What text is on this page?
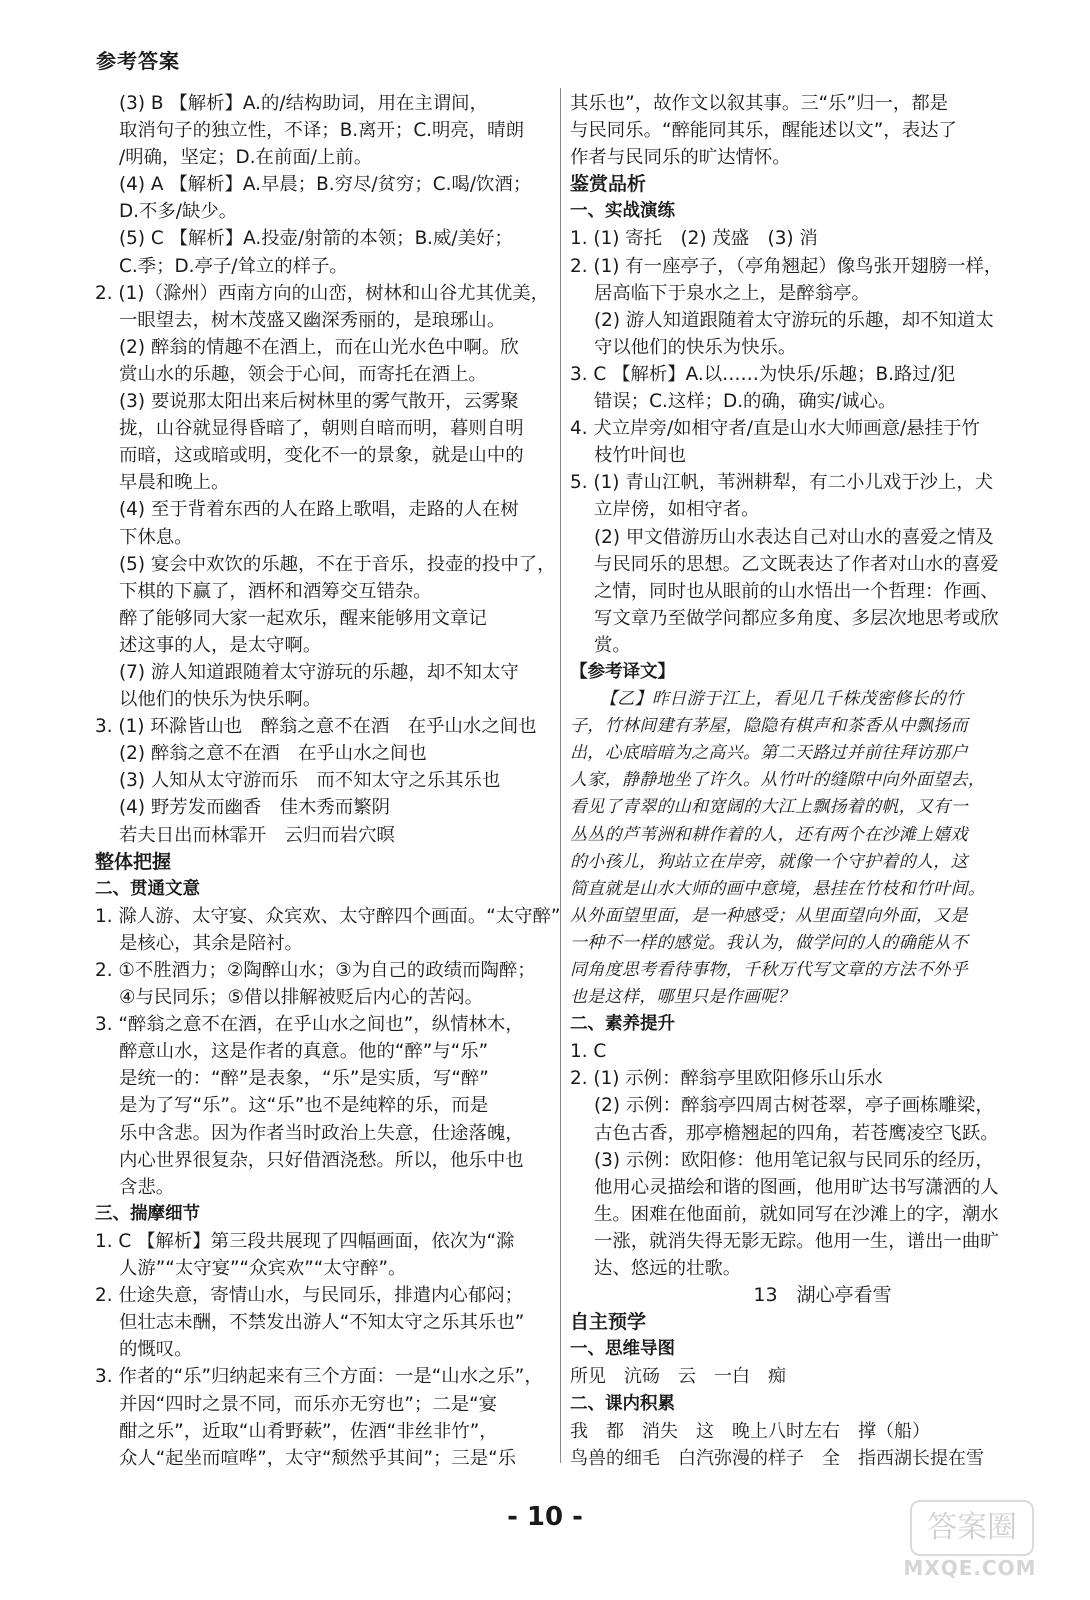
参考答案
(3) B 【解析】A.的/结构助词，用在主谓间，
取消句子的独立性，不译；B.离开；C.明亮，晴朗
/明确，坚定；D.在前面/上前。
(4) A 【解析】A.早晨；B.穷尽/贫穷；C.喝/饮酒；
D.不多/缺少。
(5) C 【解析】A.投壶/射箭的本领；B.威/美好；
C.季；D.亭子/耸立的样子。
2. (1)（滁州）西南方向的山峦，树林和山谷尤其优美，
一眼望去，树木茂盛又幽深秀丽的，是琅琊山。
(2) 醉翁的情趣不在酒上，而在山光水色中啊。欣
赏山水的乐趣，领会于心间，而寄托在酒上。
(3) 要说那太阳出来后树林里的雾气散开，云雾聚
拢，山谷就显得昏暗了，朝则自暗而明，暮则自明
而暗，这或暗或明，变化不一的景象，就是山中的
早晨和晚上。
(4) 至于背着东西的人在路上歌唱，走路的人在树
下休息。
(5) 宴会中欢饮的乐趣，不在于音乐，投壶的投中了，
下棋的下赢了，酒杯和酒筹交互错杂。
醉了能够同大家一起欢乐，醒来能够用文章记
述这事的人，是太守啊。
(7) 游人知道跟随着太守游玩的乐趣，却不知太守
以他们的快乐为快乐啊。
3. (1) 环滁皆山也　醉翁之意不在酒　在乎山水之间也
(2) 醉翁之意不在酒　在乎山水之间也
(3) 人知从太守游而乐　而不知太守之乐其乐也
(4) 野芳发而幽香　佳木秀而繁阴
若夫日出而林霏开　云归而岩穴暝
整体把握
二、贯通文意
1. 滁人游、太守宴、众宾欢、太守醉四个画面。“太守醉”
是核心，其余是陪衬。
2. ①不胜酒力；②陶醉山水；③为自己的政绩而陶醉；
④与民同乐；⑤借以排解被贬后内心的苦闷。
3. “醉翁之意不在酒，在乎山水之间也”，纵情林木，
醉意山水，这是作者的真意。他的“醉”与“乐”
是统一的：“醉”是表象，“乐”是实质，写“醉”
是为了写“乐”。这“乐”也不是纯粹的乐，而是
乐中含悲。因为作者当时政治上失意，仕途落魄，
内心世界很复杂，只好借酒浇愁。所以，他乐中也
含悲。
三、揣摩细节
1. C 【解析】第三段共展现了四幅画面，依次为“滁
人游”“太守宴”“众宾欢”“太守醉”。
2. 仕途失意，寄情山水，与民同乐，排遣内心郁闷；
但壮志未酬，不禁发出游人“不知太守之乐其乐也”
的慨叹。
3. 作者的“乐”归纳起来有三个方面：一是“山水之乐”，
并因“四时之景不同，而乐亦无穷也”；二是“宴
酣之乐”，近取“山肴野蔌”，佐酒“非丝非竹”，
众人“起坐而喧哗”，太守“颓然乎其间”；三是“乐
其乐也”，故作文以叙其事。三“乐”归一，都是
与民同乐。“醉能同其乐，醒能述以文”，表达了
作者与民同乐的旷达情怀。
鉴赏品析
一、实战演练
1. (1) 寄托　(2) 茂盛　(3) 消
2. (1) 有一座亭子，（亭角翘起）像鸟张开翅膀一样，
居高临下于泉水之上，是醉翁亭。
(2) 游人知道跟随着太守游玩的乐趣，却不知道太
守以他们的快乐为快乐。
3. C 【解析】A.以……为快乐/乐趣；B.路过/犯
错误；C.这样；D.的确，确实/诚心。
4. 犬立岸旁/如相守者/直是山水大师画意/悬挂于竹
枝竹叶间也
5. (1) 青山江帆，苇洲耕犁，有二小儿戏于沙上，犬
立岸傍，如相守者。
(2) 甲文借游历山水表达自己对山水的喜爱之情及
与民同乐的思想。乙文既表达了作者对山水的喜爱
之情，同时也从眼前的山水悟出一个哲理：作画、
写文章乃至做学问都应多角度、多层次地思考或欣
赏。
【参考译文】
【乙】昨日游于江上，看见几千株茂密修长的竹
子，竹林间建有茅屋，隐隐有棋声和茶香从中飘扬而
出，心底暗暗为之高兴。第二天路过并前往拜访那户
人家，静静地坐了许久。从竹叶的缝隙中向外面望去，
看见了青翠的山和宽阔的大江上飘扬着的帆，又有一
丛丛的芦苇洲和耕作着的人，还有两个在沙滩上嬉戏
的小孩儿，狗站立在岸旁，就像一个守护着的人，这
简直就是山水大师的画中意境，悬挂在竹枝和竹叶间。
从外面望里面，是一种感受；从里面望向外面，又是
一种不一样的感觉。我认为，做学问的人的确能从不
同角度思考看待事物，千秋万代写文章的方法不外乎
也是这样，哪里只是作画呢？
二、素养提升
1. C
2. (1) 示例：醉翁亭里欧阳修乐山乐水
(2) 示例：醉翁亭四周古树苍翠，亭子画栋雕梁，
古色古香，那亭檐翘起的四角，若苍鹰凌空飞跃。
(3) 示例：欧阳修：他用笔记叙与民同乐的经历，
他用心灵描绘和谐的图画，他用旷达书写潇洒的人
生。困难在他面前，就如同写在沙滩上的字，潮水
一涨，就消失得无影无踪。他用一生，谱出一曲旷
达、悠远的壮歌。
13　湖心亭看雪
自主预学
一、思维导图
所见　沆砀　云　一白　痴
二、课内积累
我　都　消失　这　晚上八时左右　撑（船）
鸟兽的细毛　白汽弥漫的样子　全　指西湖长提在雪
- 10 -	答案圈
MXQE.COM
